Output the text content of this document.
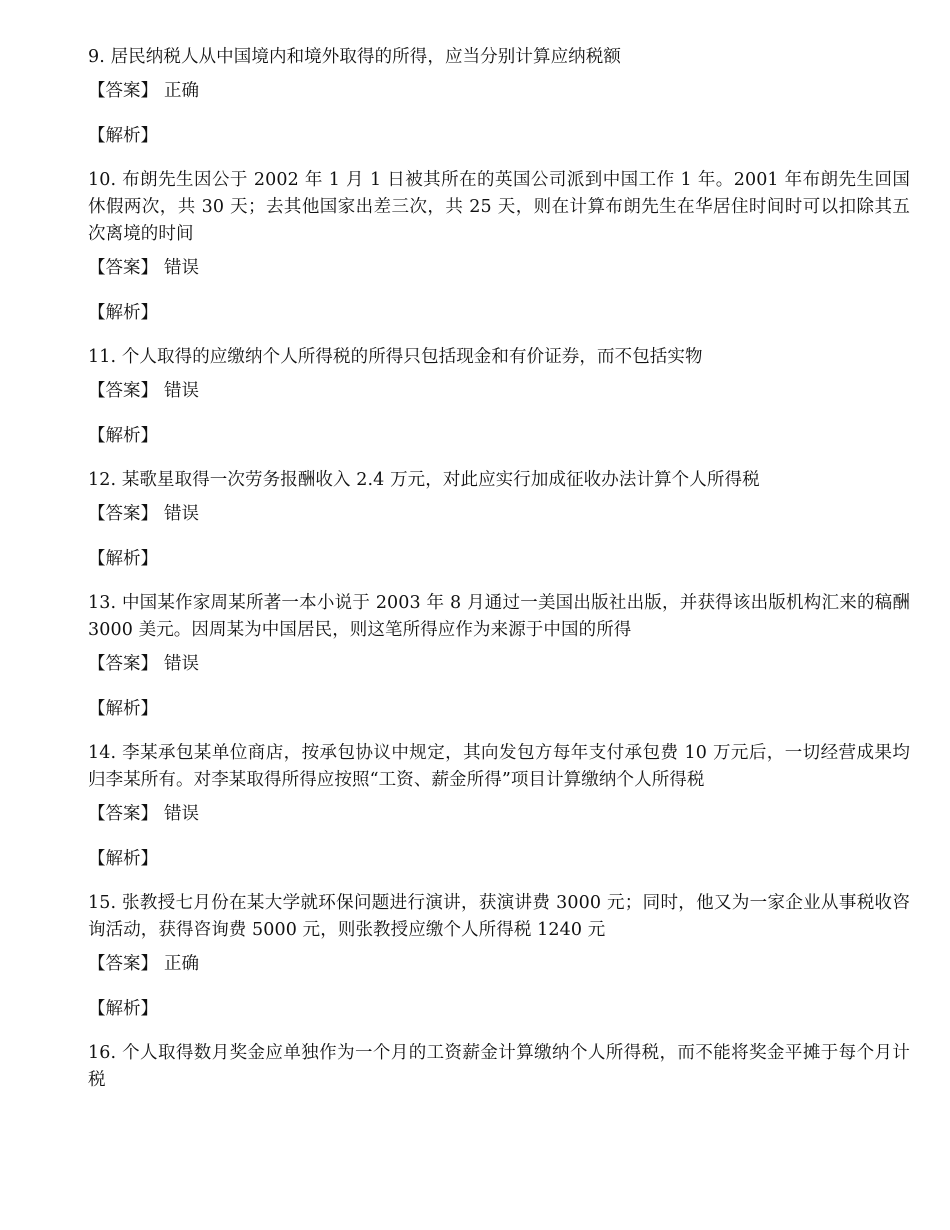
9. 居民纳税人从中国境内和境外取得的所得，应当分别计算应纳税额

【答案】 正确
【解析】

10. 布朗先生因公于 2002 年 1 月 1 日被其所在的英国公司派到中国工作 1 年。2001 年布朗先生回国休假两次，共 30 天；去其他国家出差三次，共 25 天，则在计算布朗先生在华居住时间时可以扣除其五次离境的时间

【答案】 错误
【解析】

11. 个人取得的应缴纳个人所得税的所得只包括现金和有价证券，而不包括实物

【答案】 错误
【解析】

12. 某歌星取得一次劳务报酬收入 2.4 万元，对此应实行加成征收办法计算个人所得税

【答案】 错误
【解析】

13. 中国某作家周某所著一本小说于 2003 年 8 月通过一美国出版社出版，并获得该出版机构汇来的稿酬 3000 美元。因周某为中国居民，则这笔所得应作为来源于中国的所得

【答案】 错误
【解析】

14. 李某承包某单位商店，按承包协议中规定，其向发包方每年支付承包费 10 万元后，一切经营成果均归李某所有。对李某取得所得应按照“工资、薪金所得”项目计算缴纳个人所得税

【答案】 错误
【解析】

15. 张教授七月份在某大学就环保问题进行演讲，获演讲费 3000 元；同时，他又为一家企业从事税收咨询活动，获得咨询费 5000 元，则张教授应缴个人所得税 1240 元

【答案】 正确
【解析】

16. 个人取得数月奖金应单独作为一个月的工资薪金计算缴纳个人所得税，而不能将奖金平摊于每个月计税
